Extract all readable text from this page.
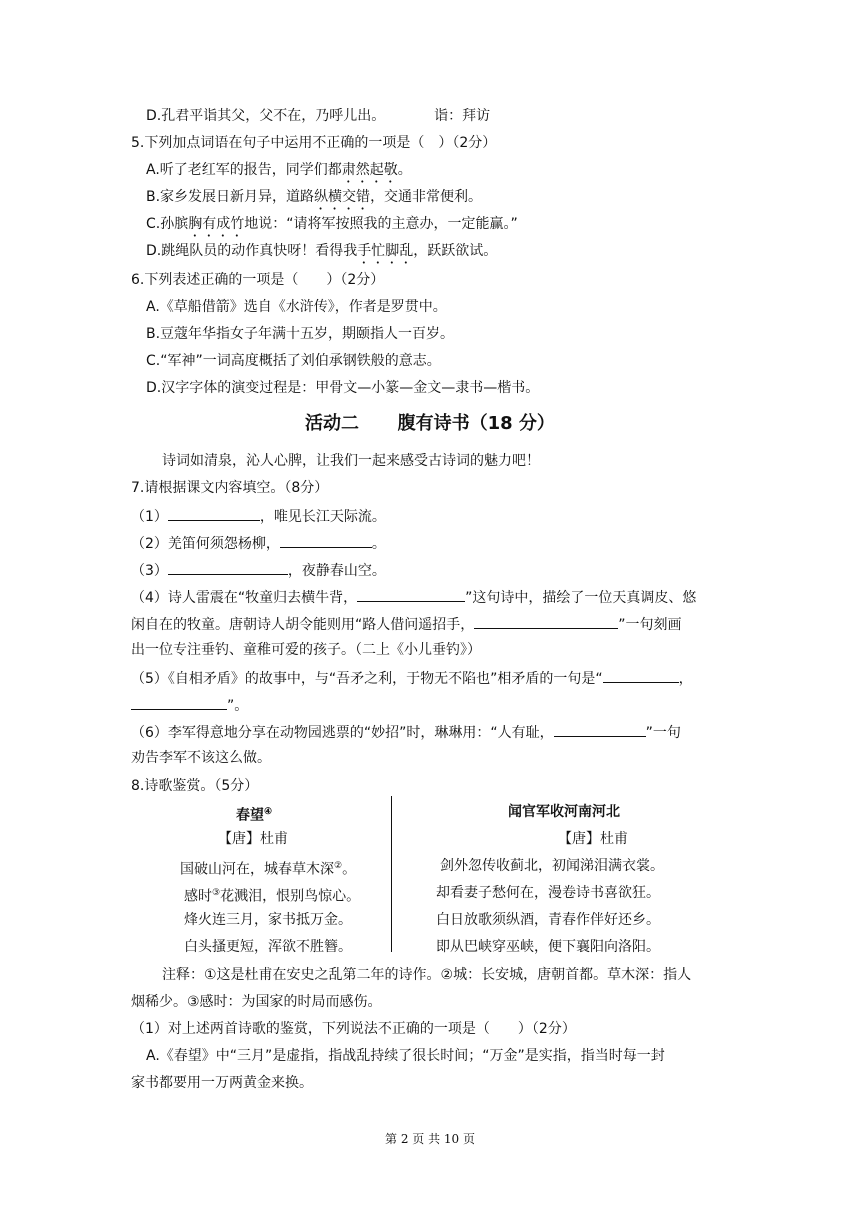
D.孔君平诣其父，父不在，乃呼儿出。	诣：拜访
5.下列加点词语在句子中运用不正确的一项是（　）（2分）
A.听了老红军的报告，同学们都肃然起敬。
B.家乡发展日新月异，道路纵横交错，交通非常便利。
C.孙膑胸有成竹地说：“请将军按照我的主意办，一定能赢。”
D.跳绳队员的动作真快呀！看得我手忙脚乱，跃跃欲试。
6.下列表述正确的一项是（　　）（2分）
A.《草船借箭》选自《水浒传》，作者是罗贯中。
B.豆蔻年华指女子年满十五岁，期颐指人一百岁。
C.“军神”一词高度概括了刘伯承钢铁般的意志。
D.汉字字体的演变过程是：甲骨文—小篆—金文—隶书—楷书。
活动二 腹有诗书（18 分）
诗词如清泉，沁人心脾，让我们一起来感受古诗词的魅力吧！
7.请根据课文内容填空。（8分）
（1）	，唯见长江天际流。
（2）羌笛何须怨杨柳，	。
（3）	，夜静春山空。
（4）诗人雷震在“牧童归去横牛背，	”这句诗中，描绘了一位天真调皮、悠
闲自在的牧童。唐朝诗人胡令能则用“路人借问遥招手，	”一句刻画
出一位专注垂钓、童稚可爱的孩子。（二上《小儿垂钓》）
（5）《自相矛盾》的故事中，与“吾矛之利，于物无不陷也”相矛盾的一句是“	，
”。
（6）李军得意地分享在动物园逃票的“妙招”时，琳琳用：“人有耻，	”一句
劝告李军不该这么做。
8.诗歌鉴赏。（5分）
春望④
【唐】杜甫
国破山河在，城春草木深②。
感时③花溅泪，恨别鸟惊心。
烽火连三月，家书抵万金。
白头搔更短，浑欲不胜簪。
闻官军收河南河北
【唐】杜甫
剑外忽传收蓟北，初闻涕泪满衣裳。
却看妻子愁何在，漫卷诗书喜欲狂。
白日放歌须纵酒，青春作伴好还乡。
即从巴峡穿巫峡，便下襄阳向洛阳。
注释：①这是杜甫在安史之乱第二年的诗作。②城：长安城，唐朝首都。草木深：指人
烟稀少。③感时：为国家的时局而感伤。
（1）对上述两首诗歌的鉴赏，下列说法不正确的一项是（　　）（2分）
A.《春望》中“三月”是虚指，指战乱持续了很长时间；“万金”是实指，指当时每一封
家书都要用一万两黄金来换。
第 2 页 共 10 页
